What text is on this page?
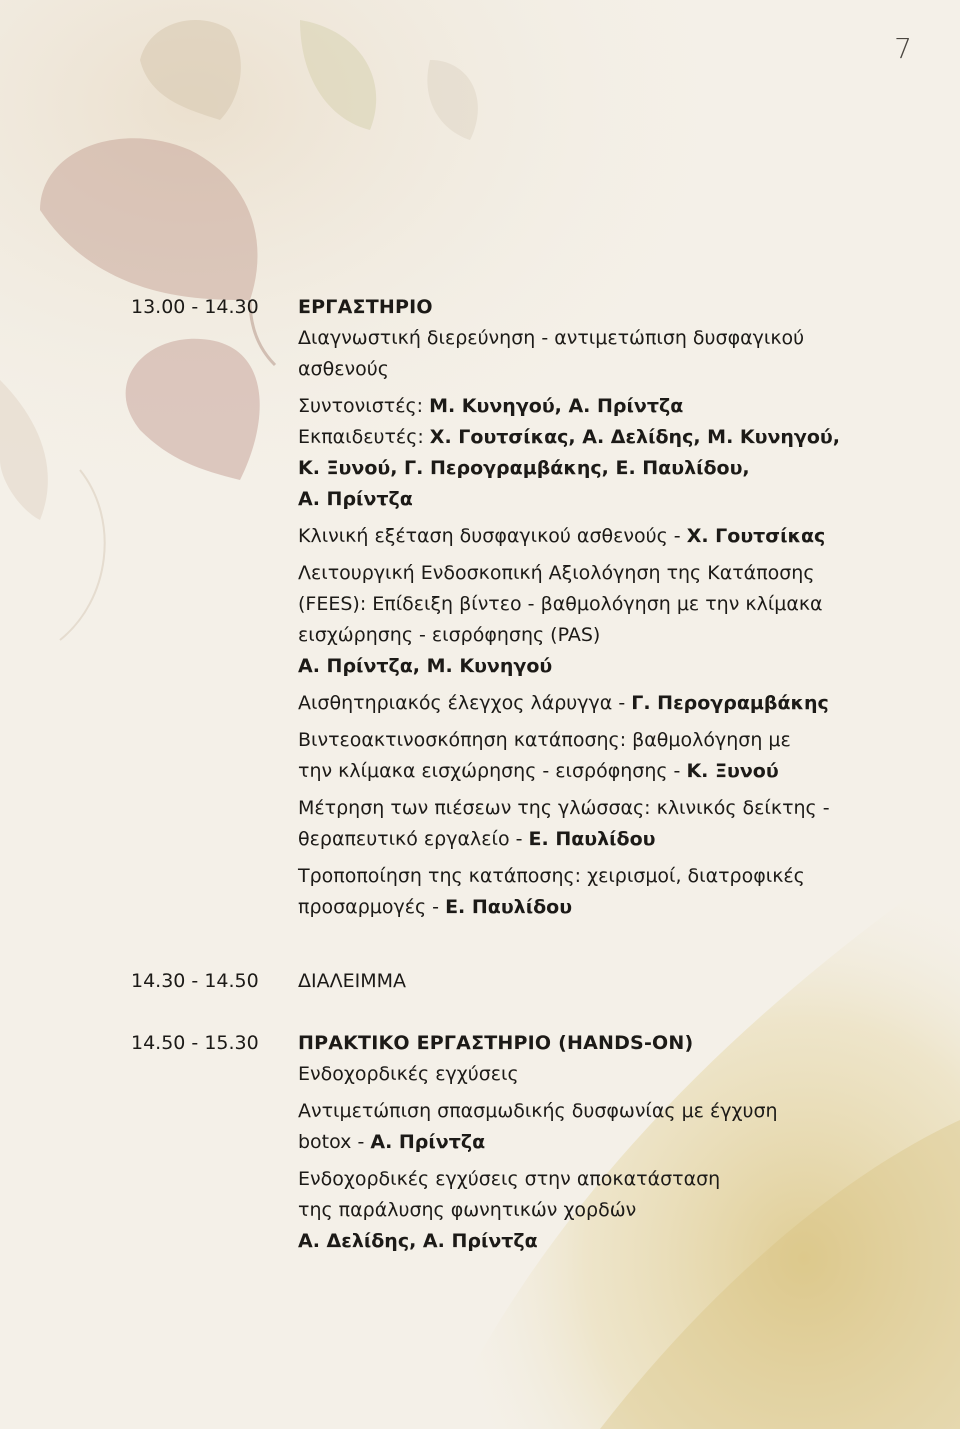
7
13.00 - 14.30 ΕΡΓΑΣΤΗΡΙΟ

Διαγνωστική διερεύνηση - αντιμετώπιση δυσφαγικού

ασθενούς

Συντονιστές: Μ. Κυνηγού, Α. Πρίντζα

Εκπαιδευτές: Χ. Γουτσίκας, Α. Δελίδης, Μ. Κυνηγού,

Κ. Ξυνού, Γ. Περογραμβάκης, Ε. Παυλίδου,

Α. Πρίντζα

Κλινική εξέταση δυσφαγικού ασθενούς - Χ. Γουτσίκας

Λειτουργική Ενδοσκοπική Αξιολόγηση της Κατάποσης

(FEES): Επίδειξη βίντεο - βαθμολόγηση με την κλίμακα

εισχώρησης - εισρόφησης (PAS)

Α. Πρίντζα, Μ. Κυνηγού

Αισθητηριακός έλεγχος λάρυγγα - Γ. Περογραμβάκης

Βιντεοακτινοσκόπηση κατάποσης: βαθμολόγηση με

την κλίμακα εισχώρησης - εισρόφησης - Κ. Ξυνού

Μέτρηση των πιέσεων της γλώσσας: κλινικός δείκτης -

θεραπευτικό εργαλείο - Ε. Παυλίδου

Τροποποίηση της κατάποσης: χειρισμοί, διατροφικές

προσαρμογές - Ε. Παυλίδου

14.30 - 14.50 ΔΙΑΛΕΙΜΜΑ

14.50 - 15.30 ΠΡΑΚΤΙΚΟ ΕΡΓΑΣΤΗΡΙΟ (HANDS-ON)

Ενδοχορδικές εγχύσεις

Αντιμετώπιση σπασμωδικής δυσφωνίας με έγχυση

botox - Α. Πρίντζα

Ενδοχορδικές εγχύσεις στην αποκατάσταση

της παράλυσης φωνητικών χορδών

Α. Δελίδης, Α. Πρίντζα
